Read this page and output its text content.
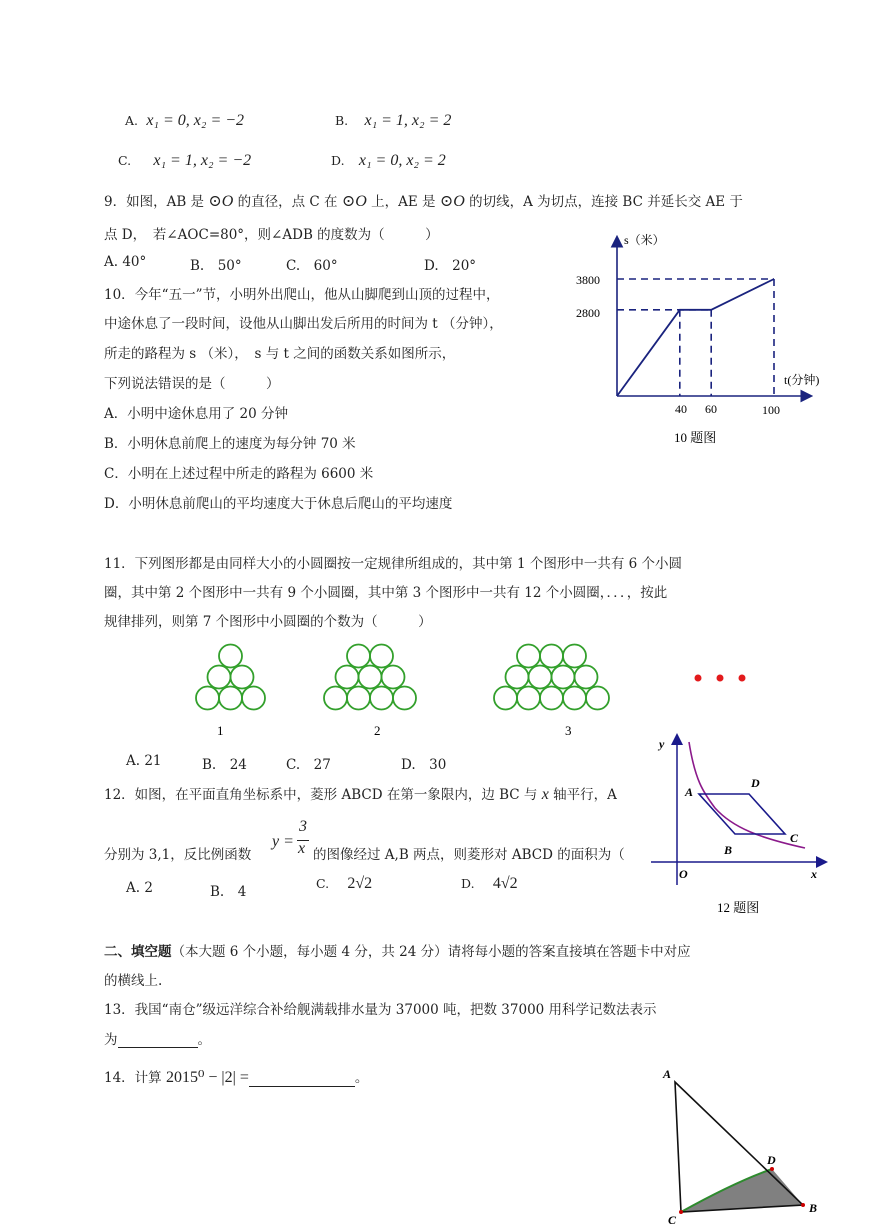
A. x₁ = 0, x₂ = −2	B. x₁ = 1, x₂ = 2
C. x₁ = 1, x₂ = −2	D. x₁ = 0, x₂ = 2
9．如图，AB 是 ⊙O 的直径，点 C 在 ⊙O 上，AE 是 ⊙O 的切线，A 为切点，连接 BC 并延长交 AE 于
点 D，　若∠AOC=80°，则∠ADB 的度数为（　　　）
A. 40°	B.　50°	C.　60°	D.　20°
10．今年“五一”节，小明外出爬山，他从山脚爬到山顶的过程中，
中途休息了一段时间，设他从山脚出发后所用的时间为 t （分钟），
所走的路程为 s （米），　s 与 t 之间的函数关系如图所示，
下列说法错误的是（　　　）
A．小明中途休息用了 20 分钟
B．小明休息前爬上的速度为每分钟 70 米
C．小明在上述过程中所走的路程为 6600 米
D．小明休息前爬山的平均速度大于休息后爬山的平均速度
s（米）
t(分钟)
3800
2800
40 60	100
10 题图
11．下列图形都是由同样大小的小圆圈按一定规律所组成的，其中第 1 个图形中一共有 6 个小圆
圈，其中第 2 个图形中一共有 9 个小圆圈，其中第 3 个图形中一共有 12 个小圆圈，．．．，按此
规律排列，则第 7 个图形中小圆圈的个数为（　　　）
1	2	3
A. 21	B.　24	C.　27	D.　30
12．如图，在平面直角坐标系中，菱形 ABCD 在第一象限内，边 BC 与 x 轴平行，A
分别为 3,1，反比例函数
y =
3
x 的图像经过 A,B 两点，则菱形对 ABCD 的面积为（
A. 2	B.　4
C. 2√2	D. 4√2
y
x
O
A
B
C
D
12 题图
二、填空题（本大题 6 个小题，每小题 4 分，共 24 分）请将每小题的答案直接填在答题卡中对应
的横线上.
13．我国“南仓”级远洋综合补给舰满载排水量为 37000 吨，把数 37000 用科学记数法表示
为	。
14．计算 2015⁰ − |2| =	。	A
D
C
B
